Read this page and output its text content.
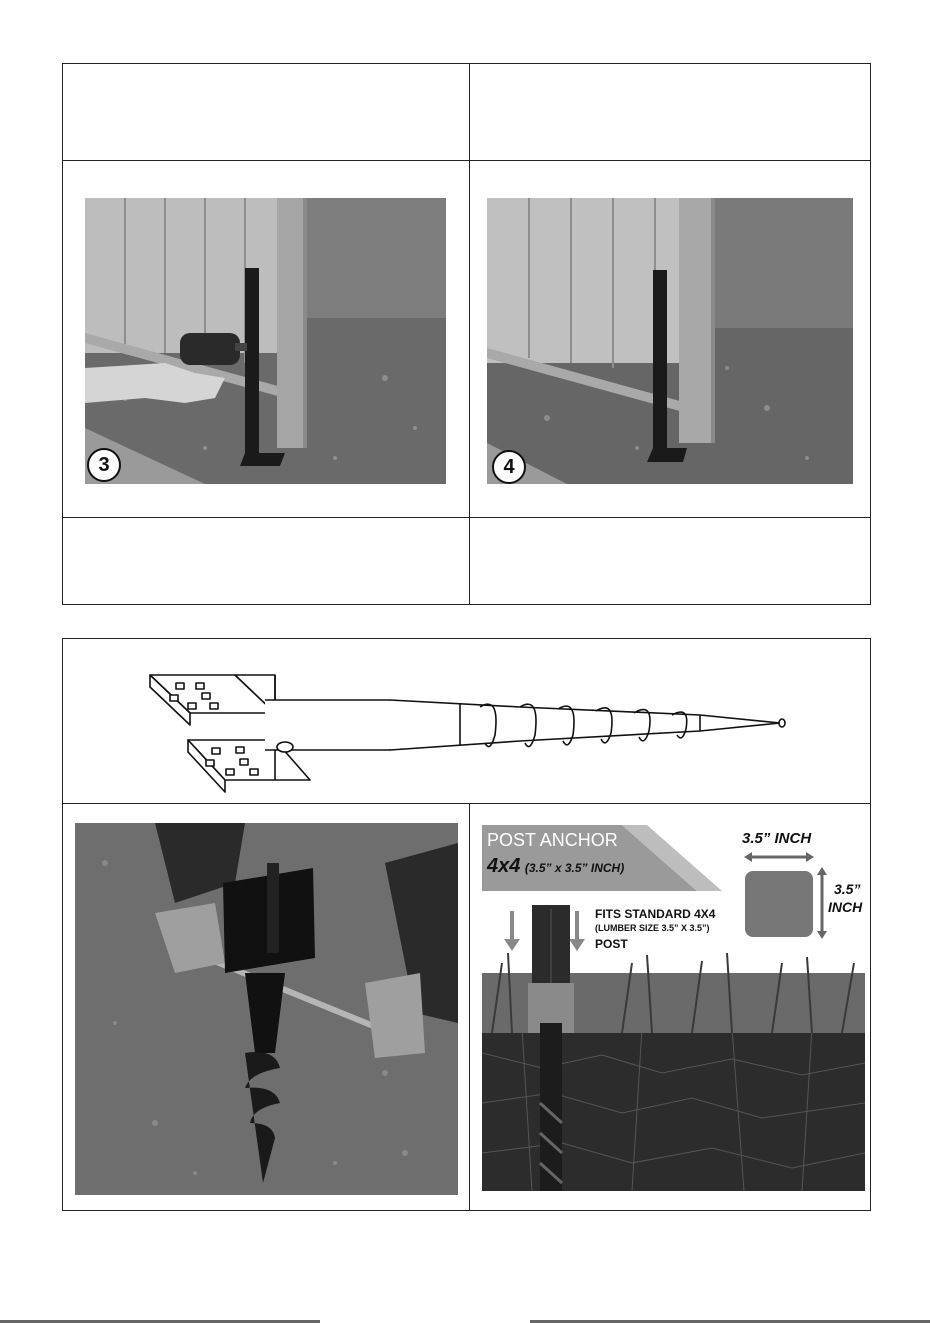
3	4
POST ANCHOR
4x4 (3.5” x 3.5” INCH)
3.5” INCH
3.5”
INCH
FITS STANDARD 4X4
(LUMBER SIZE 3.5” X 3.5”)
POST
